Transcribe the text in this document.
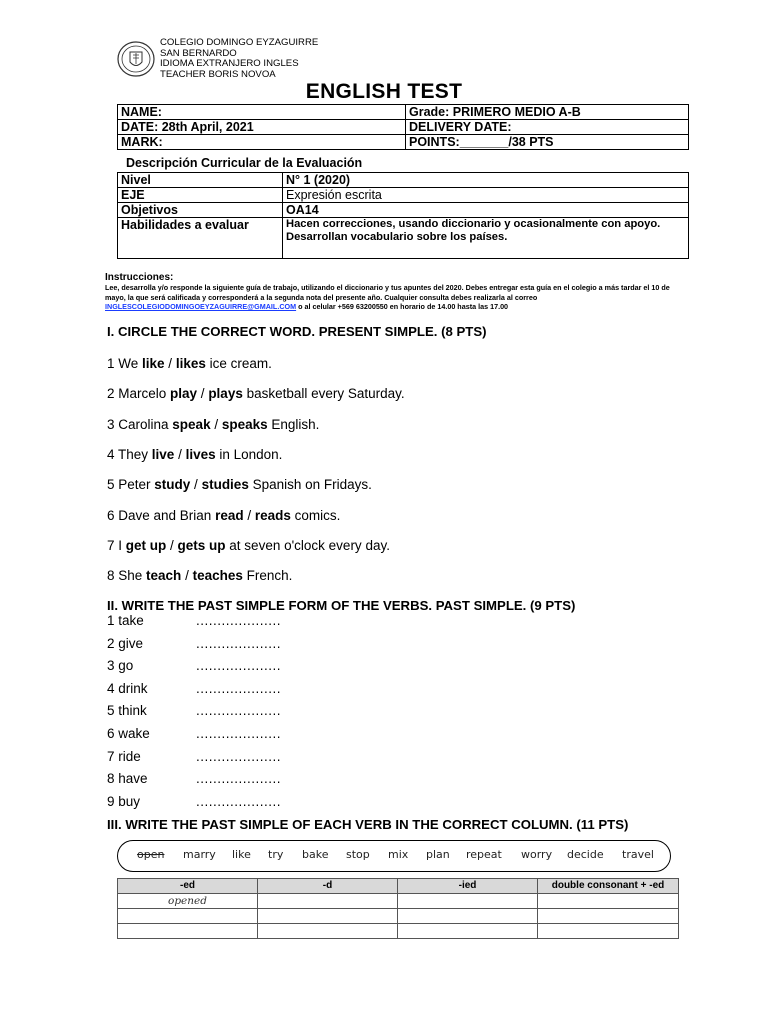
COLEGIO DOMINGO EYZAGUIRRE
SAN BERNARDO
IDIOMA EXTRANJERO INGLES
TEACHER BORIS NOVOA
ENGLISH TEST
NAME:	Grade: PRIMERO MEDIO A-B
DATE: 28th April, 2021	DELIVERY DATE:
MARK:	POINTS:_______/38 PTS
Descripción Curricular de la Evaluación
Nivel	N° 1 (2020)
EJE	Expresión escrita
Objetivos	OA14
Habilidades a evaluar	Hacen correcciones, usando diccionario y ocasionalmente con apoyo.
Desarrollan vocabulario sobre los países.
Instrucciones:
Lee, desarrolla y/o responde la siguiente guía de trabajo, utilizando el diccionario y tus apuntes del 2020. Debes entregar esta guía en el colegio a más tardar el 10 de mayo, la que será calificada y corresponderá a la segunda nota del presente año. Cualquier consulta debes realizarla al correo INGLESCOLEGIODOMINGOEYZAGUIRRE@GMAIL.COM o al celular +569 63200550 en horario de 14.00 hasta las 17.00
I. CIRCLE THE CORRECT WORD. PRESENT SIMPLE. (8 PTS)
1 We like / likes ice cream.
2 Marcelo play / plays basketball every Saturday.
3 Carolina speak / speaks English.
4 They live / lives in London.
5 Peter study / studies Spanish on Fridays.
6 Dave and Brian read / reads comics.
7 I get up / gets up at seven o'clock every day.
8 She teach / teaches French.
II. WRITE THE PAST SIMPLE FORM OF THE VERBS. PAST SIMPLE. (9 PTS)
1 take	....................
2 give	....................
3 go	....................
4 drink	....................
5 think	....................
6 wake	....................
7 ride	....................
8 have	....................
9 buy	....................
III. WRITE THE PAST SIMPLE OF EACH VERB IN THE CORRECT COLUMN. (11 PTS)
open marry like try bake stop mix plan repeat worry decide travel
-ed	-d	-ied	double consonant + -ed
opened			
